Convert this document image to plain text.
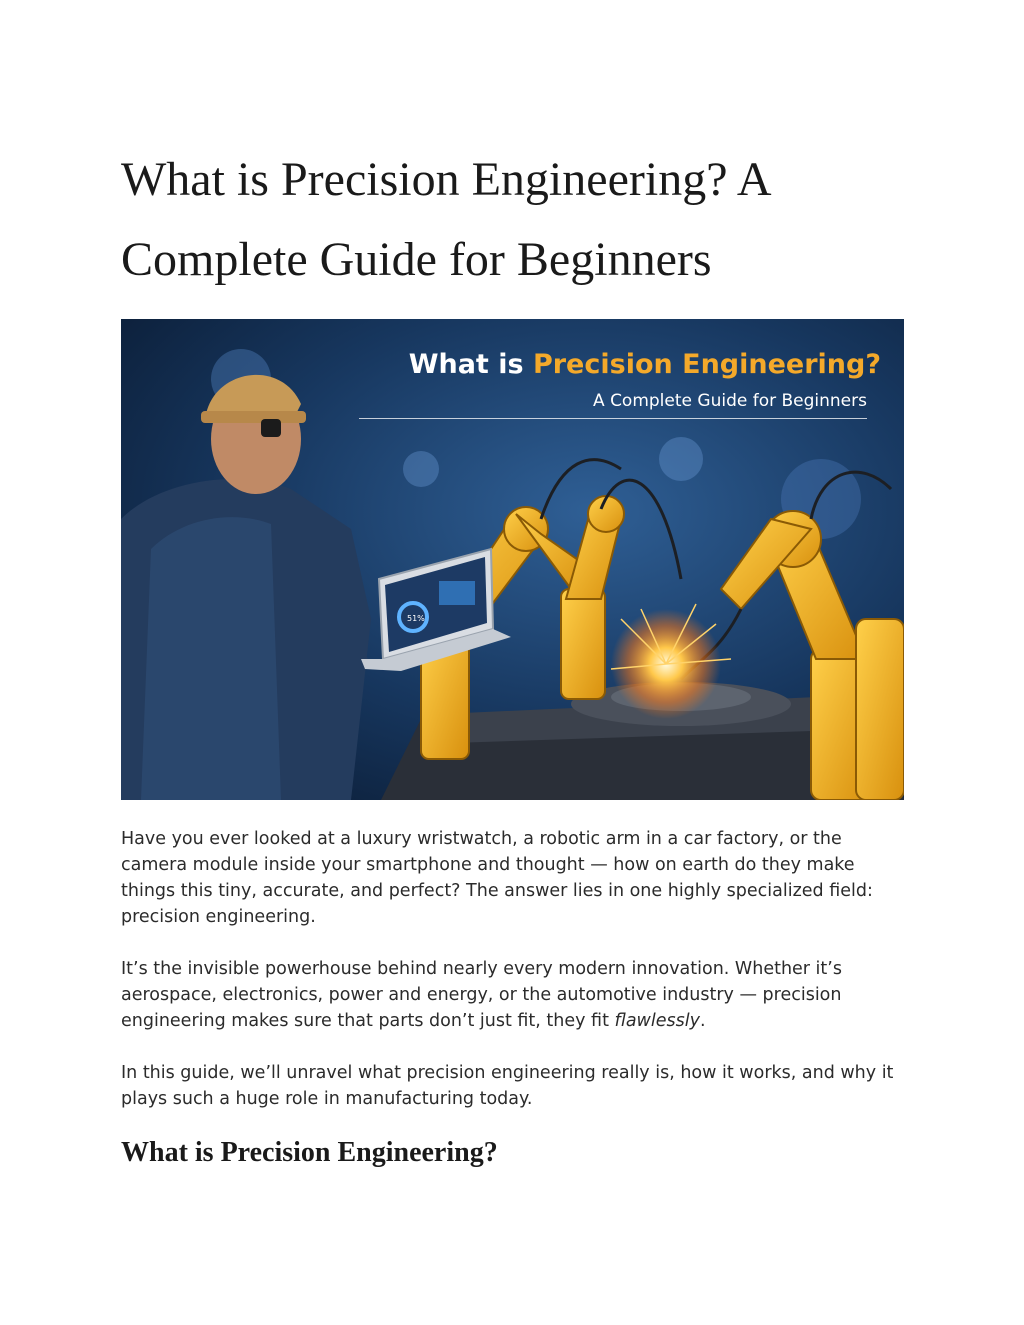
What is Precision Engineering? A Complete Guide for Beginners
51%
What is Precision Engineering?
A Complete Guide for Beginners

Have you ever looked at a luxury wristwatch, a robotic arm in a car factory, or the camera module inside your smartphone and thought — how on earth do they make things this tiny, accurate, and perfect? The answer lies in one highly specialized field: precision engineering.

It’s the invisible powerhouse behind nearly every modern innovation. Whether it’s aerospace, electronics, power and energy, or the automotive industry — precision engineering makes sure that parts don’t just fit, they fit flawlessly.

In this guide, we’ll unravel what precision engineering really is, how it works, and why it plays such a huge role in manufacturing today.

What is Precision Engineering?
